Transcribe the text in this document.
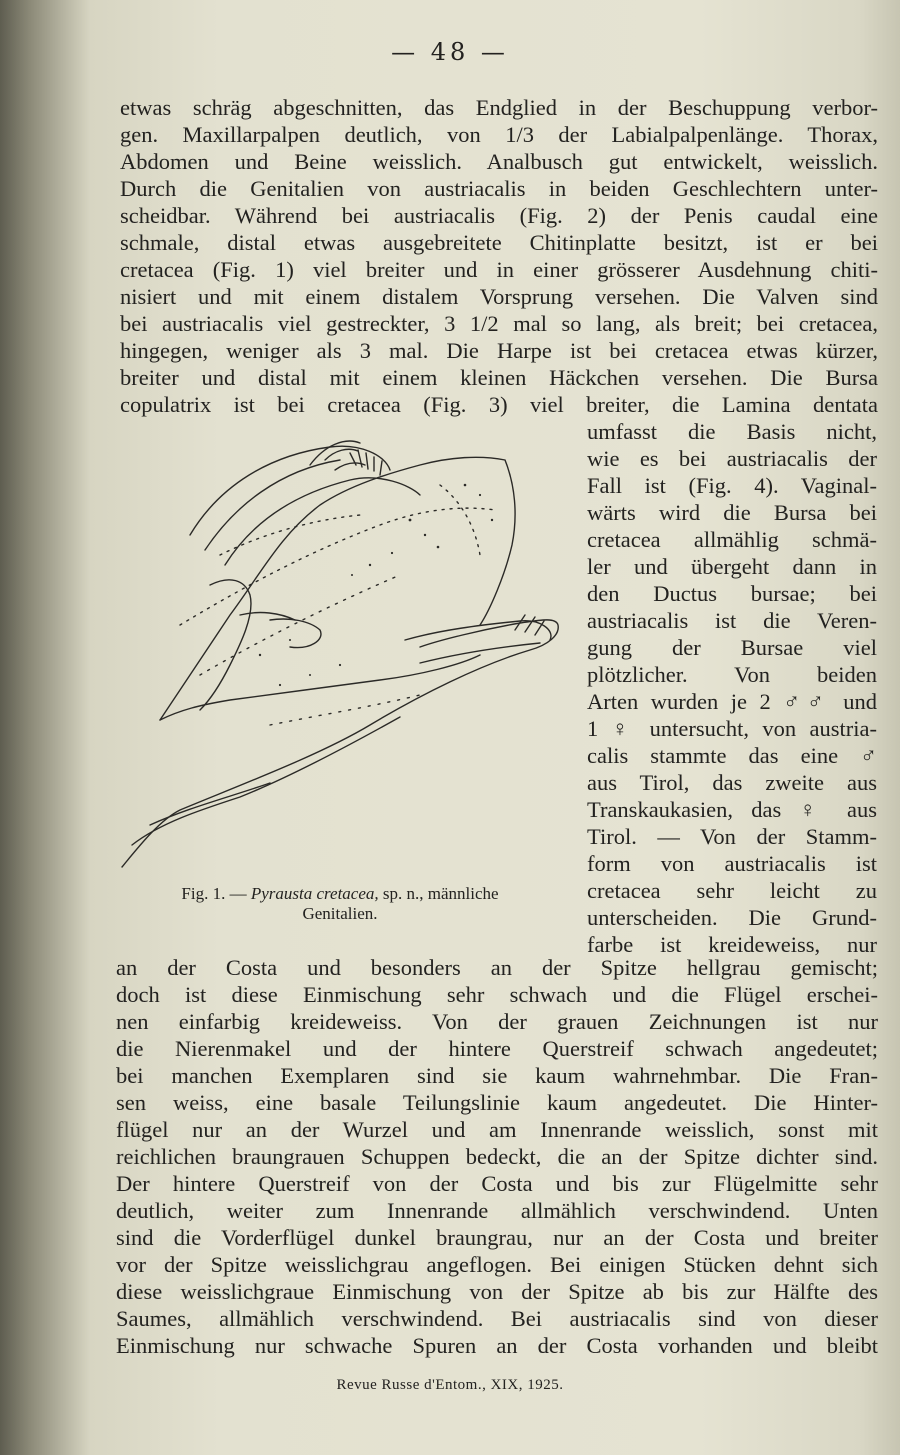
— 48 —
etwas schräg abgeschnitten, das Endglied in der Beschuppung verbor-
gen. Maxillarpalpen deutlich, von 1/3 der Labialpalpenlänge. Thorax,
Abdomen und Beine weisslich. Analbusch gut entwickelt, weisslich.
Durch die Genitalien von austriacalis in beiden Geschlechtern unter-
scheidbar. Während bei austriacalis (Fig. 2) der Penis caudal eine
schmale, distal etwas ausgebreitete Chitinplatte besitzt, ist er bei
cretacea (Fig. 1) viel breiter und in einer grösserer Ausdehnung chiti-
nisiert und mit einem distalem Vorsprung versehen. Die Valven sind
bei austriacalis viel gestreckter, 3 1/2 mal so lang, als breit; bei cretacea,
hingegen, weniger als 3 mal. Die Harpe ist bei cretacea etwas kürzer,
breiter und distal mit einem kleinen Häckchen versehen. Die Bursa
copulatrix ist bei cretacea (Fig. 3) viel breiter, die Lamina dentata
Fig. 1. — Pyrausta cretacea, sp. n., männliche
Genitalien.
umfasst die Basis nicht,
wie es bei austriacalis der
Fall ist (Fig. 4). Vaginal-
wärts wird die Bursa bei
cretacea allmählig schmä-
ler und übergeht dann in
den Ductus bursae; bei
austriacalis ist die Veren-
gung der Bursae viel
plötzlicher. Von beiden
Arten wurden je 2 ♂♂ und
1 ♀ untersucht, von austria-
calis stammte das eine ♂
aus Tirol, das zweite aus
Transkaukasien, das ♀ aus
Tirol. — Von der Stamm-
form von austriacalis ist
cretacea sehr leicht zu
unterscheiden. Die Grund-
farbe ist kreideweiss, nur
an der Costa und besonders an der Spitze hellgrau gemischt;
doch ist diese Einmischung sehr schwach und die Flügel erschei-
nen einfarbig kreideweiss. Von der grauen Zeichnungen ist nur
die Nierenmakel und der hintere Querstreif schwach angedeutet;
bei manchen Exemplaren sind sie kaum wahrnehmbar. Die Fran-
sen weiss, eine basale Teilungslinie kaum angedeutet. Die Hinter-
flügel nur an der Wurzel und am Innenrande weisslich, sonst mit
reichlichen braungrauen Schuppen bedeckt, die an der Spitze dichter sind.
Der hintere Querstreif von der Costa und bis zur Flügelmitte sehr
deutlich, weiter zum Innenrande allmählich verschwindend. Unten
sind die Vorderflügel dunkel braungrau, nur an der Costa und breiter
vor der Spitze weisslichgrau angeflogen. Bei einigen Stücken dehnt sich
diese weisslichgraue Einmischung von der Spitze ab bis zur Hälfte des
Saumes, allmählich verschwindend. Bei austriacalis sind von dieser
Einmischung nur schwache Spuren an der Costa vorhanden und bleibt
Revue Russe d'Entom., XIX, 1925.
